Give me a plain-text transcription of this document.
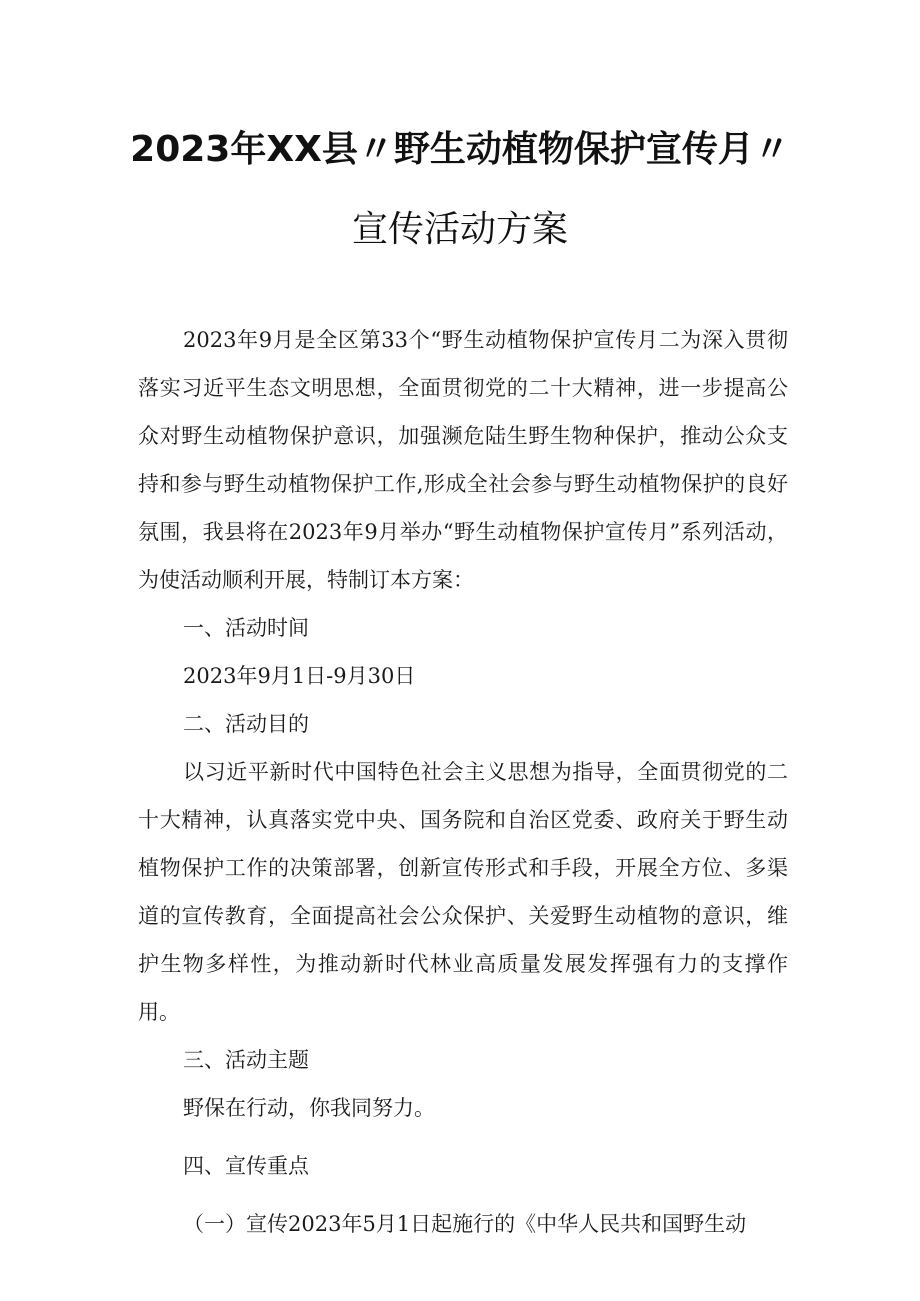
2023年XX县〃野生动植物保护宣传月〃
宣传活动方案

2023年9月是全区第33个“野生动植物保护宣传月二为深入贯彻落实习近平生态文明思想，全面贯彻党的二十大精神，进一步提高公众对野生动植物保护意识，加强濒危陆生野生物种保护，推动公众支持和参与野生动植物保护工作,形成全社会参与野生动植物保护的良好氛围，我县将在2023年9月举办“野生动植物保护宣传月”系列活动，为使活动顺利开展，特制订本方案：

一、活动时间

2023年9月1日-9月30日

二、活动目的

以习近平新时代中国特色社会主义思想为指导，全面贯彻党的二十大精神，认真落实党中央、国务院和自治区党委、政府关于野生动植物保护工作的决策部署，创新宣传形式和手段，开展全方位、多渠道的宣传教育，全面提高社会公众保护、关爱野生动植物的意识，维护生物多样性，为推动新时代林业高质量发展发挥强有力的支撑作用。

三、活动主题

野保在行动，你我同努力。

四、宣传重点

（一）宣传2023年5月1日起施行的《中华人民共和国野生动
